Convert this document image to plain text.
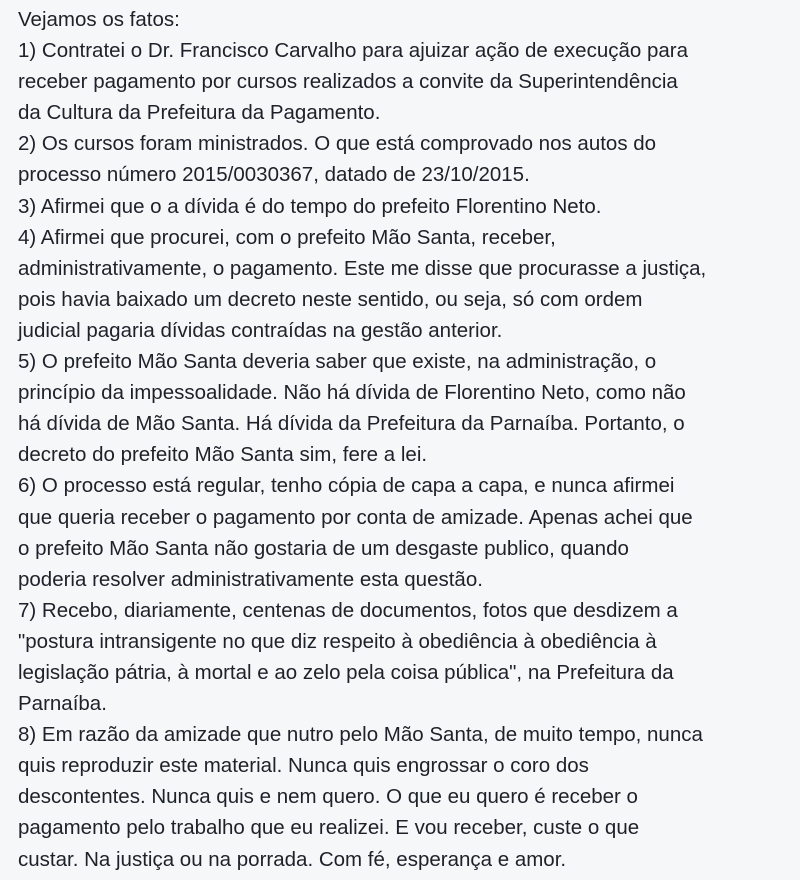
Vejamos os fatos:
1) Contratei o Dr. Francisco Carvalho para ajuizar ação de execução para
receber pagamento por cursos realizados a convite da Superintendência
da Cultura da Prefeitura da Pagamento.
2) Os cursos foram ministrados. O que está comprovado nos autos do
processo número 2015/0030367, datado de 23/10/2015.
3) Afirmei que o a dívida é do tempo do prefeito Florentino Neto.
4) Afirmei que procurei, com o prefeito Mão Santa, receber,
administrativamente, o pagamento. Este me disse que procurasse a justiça,
pois havia baixado um decreto neste sentido, ou seja, só com ordem
judicial pagaria dívidas contraídas na gestão anterior.
5) O prefeito Mão Santa deveria saber que existe, na administração, o
princípio da impessoalidade. Não há dívida de Florentino Neto, como não
há dívida de Mão Santa. Há dívida da Prefeitura da Parnaíba. Portanto, o
decreto do prefeito Mão Santa sim, fere a lei.
6) O processo está regular, tenho cópia de capa a capa, e nunca afirmei
que queria receber o pagamento por conta de amizade. Apenas achei que
o prefeito Mão Santa não gostaria de um desgaste publico, quando
poderia resolver administrativamente esta questão.
7) Recebo, diariamente, centenas de documentos, fotos que desdizem a
"postura intransigente no que diz respeito à obediência à obediência à
legislação pátria, à mortal e ao zelo pela coisa pública", na Prefeitura da
Parnaíba.
8) Em razão da amizade que nutro pelo Mão Santa, de muito tempo, nunca
quis reproduzir este material. Nunca quis engrossar o coro dos
descontentes. Nunca quis e nem quero. O que eu quero é receber o
pagamento pelo trabalho que eu realizei. E vou receber, custe o que
custar. Na justiça ou na porrada. Com fé, esperança e amor.
